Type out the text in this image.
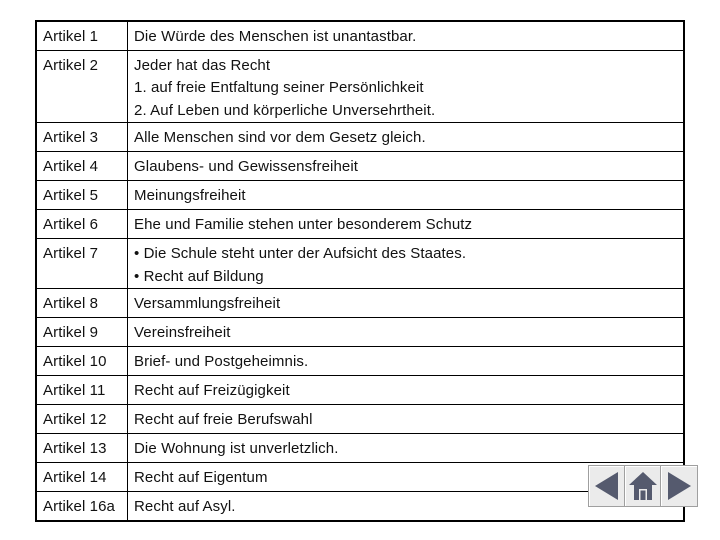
Artikel 1	Die Würde des Menschen ist unantastbar.

Artikel 2	Jeder hat das Recht
1. auf freie Entfaltung seiner Persönlichkeit
2. Auf Leben und körperliche Unversehrtheit.

Artikel 3	Alle Menschen sind vor dem Gesetz gleich.

Artikel 4	Glaubens- und Gewissensfreiheit

Artikel 5	Meinungsfreiheit

Artikel 6	Ehe und Familie stehen unter besonderem Schutz

Artikel 7	• Die Schule steht unter der Aufsicht des Staates.
• Recht auf Bildung

Artikel 8	Versammlungsfreiheit

Artikel 9	Vereinsfreiheit

Artikel 10	Brief- und Postgeheimnis.

Artikel 11	Recht auf Freizügigkeit

Artikel 12	Recht auf freie Berufswahl

Artikel 13	Die Wohnung ist unverletzlich.

Artikel 14	Recht auf Eigentum

Artikel 16a	Recht auf Asyl.
